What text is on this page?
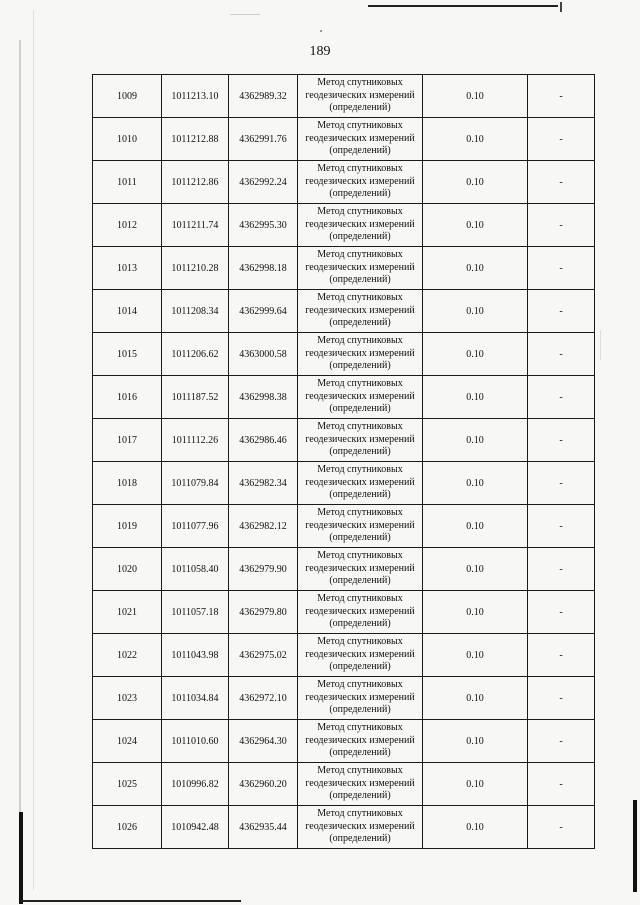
189
1009	1011213.10	4362989.32	Метод спутниковых
геодезических измерений
(определений)	0.10	-
1010	1011212.88	4362991.76	Метод спутниковых
геодезических измерений
(определений)	0.10	-
1011	1011212.86	4362992.24	Метод спутниковых
геодезических измерений
(определений)	0.10	-
1012	1011211.74	4362995.30	Метод спутниковых
геодезических измерений
(определений)	0.10	-
1013	1011210.28	4362998.18	Метод спутниковых
геодезических измерений
(определений)	0.10	-
1014	1011208.34	4362999.64	Метод спутниковых
геодезических измерений
(определений)	0.10	-
1015	1011206.62	4363000.58	Метод спутниковых
геодезических измерений
(определений)	0.10	-
1016	1011187.52	4362998.38	Метод спутниковых
геодезических измерений
(определений)	0.10	-
1017	1011112.26	4362986.46	Метод спутниковых
геодезических измерений
(определений)	0.10	-
1018	1011079.84	4362982.34	Метод спутниковых
геодезических измерений
(определений)	0.10	-
1019	1011077.96	4362982.12	Метод спутниковых
геодезических измерений
(определений)	0.10	-
1020	1011058.40	4362979.90	Метод спутниковых
геодезических измерений
(определений)	0.10	-
1021	1011057.18	4362979.80	Метод спутниковых
геодезических измерений
(определений)	0.10	-
1022	1011043.98	4362975.02	Метод спутниковых
геодезических измерений
(определений)	0.10	-
1023	1011034.84	4362972.10	Метод спутниковых
геодезических измерений
(определений)	0.10	-
1024	1011010.60	4362964.30	Метод спутниковых
геодезических измерений
(определений)	0.10	-
1025	1010996.82	4362960.20	Метод спутниковых
геодезических измерений
(определений)	0.10	-
1026	1010942.48	4362935.44	Метод спутниковых
геодезических измерений
(определений)	0.10	-
